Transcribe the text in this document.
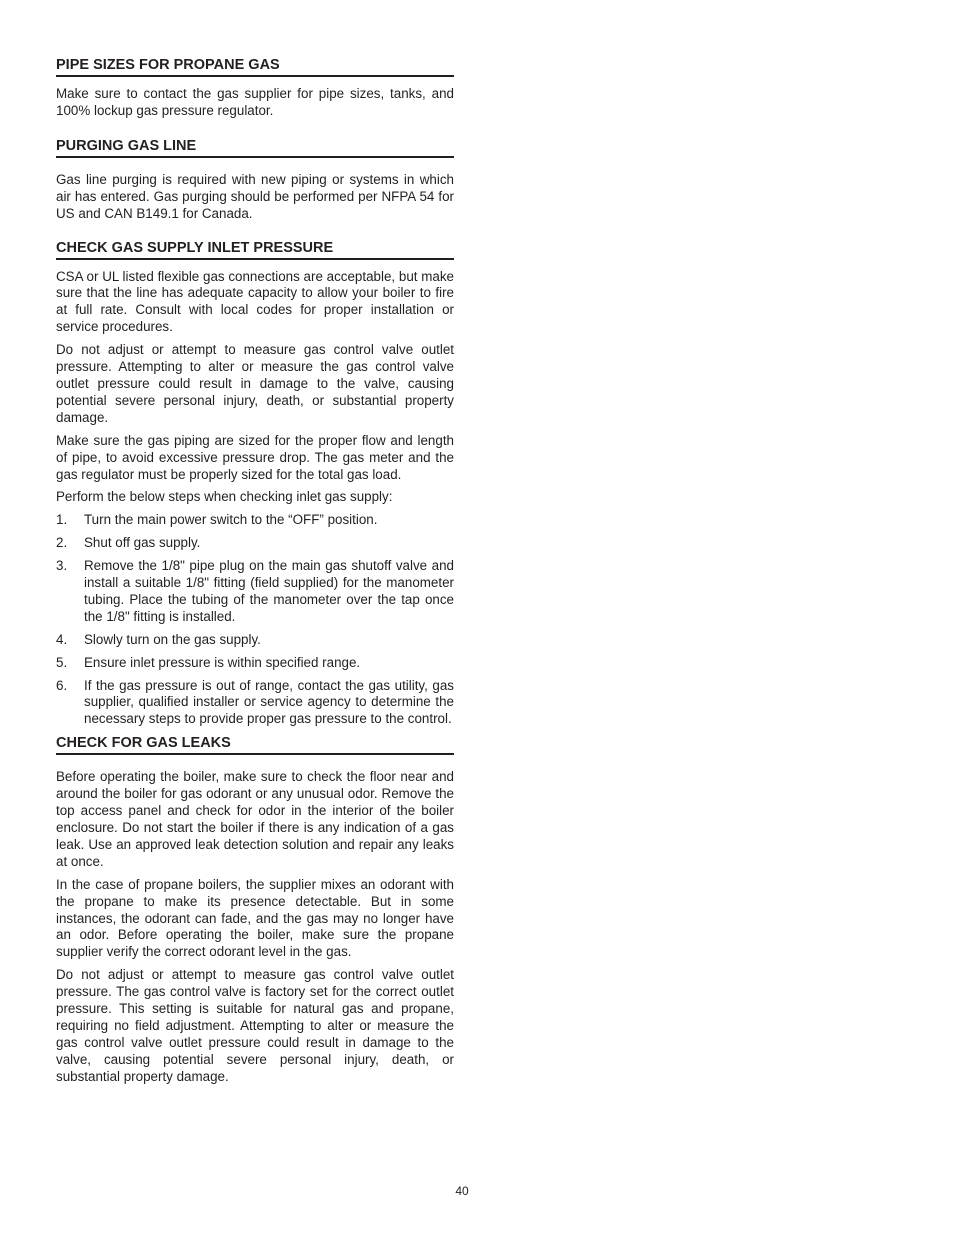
PIPE SIZES FOR PROPANE GAS

Make sure to contact the gas supplier for pipe sizes, tanks, and 100% lockup gas pressure regulator.

PURGING GAS LINE

Gas line purging is required with new piping or systems in which air has entered. Gas purging should be performed per NFPA 54 for US and CAN B149.1 for Canada.

CHECK GAS SUPPLY INLET PRESSURE

CSA or UL listed flexible gas connections are acceptable, but make sure that the line has adequate capacity to allow your boiler to fire at full rate. Consult with local codes for proper installation or service procedures.

Do not adjust or attempt to measure gas control valve outlet pressure. Attempting to alter or measure the gas control valve outlet pressure could result in damage to the valve, causing potential severe personal injury, death, or substantial property damage.

Make sure the gas piping are sized for the proper flow and length of pipe, to avoid excessive pressure drop. The gas meter and the gas regulator must be properly sized for the total gas load.

Perform the below steps when checking inlet gas supply:

1.	Turn the main power switch to the “OFF” position.
2.	Shut off gas supply.
3.	Remove the 1/8" pipe plug on the main gas shutoff valve and install a suitable 1/8" fitting (field supplied) for the manometer tubing. Place the tubing of the manometer over the tap once the 1/8" fitting is installed.
4.	Slowly turn on the gas supply.
5.	Ensure inlet pressure is within specified range.
6.	If the gas pressure is out of range, contact the gas utility, gas supplier, qualified installer or service agency to determine the necessary steps to provide proper gas pressure to the control.
CHECK FOR GAS LEAKS

Before operating the boiler, make sure to check the floor near and around the boiler for gas odorant or any unusual odor. Remove the top access panel and check for odor in the interior of the boiler enclosure. Do not start the boiler if there is any indication of a gas leak. Use an approved leak detection solution and repair any leaks at once.

In the case of propane boilers, the supplier mixes an odorant with the propane to make its presence detectable. But in some instances, the odorant can fade, and the gas may no longer have an odor. Before operating the boiler, make sure the propane supplier verify the correct odorant level in the gas.

Do not adjust or attempt to measure gas control valve outlet pressure. The gas control valve is factory set for the correct outlet pressure. This setting is suitable for natural gas and propane, requiring no field adjustment. Attempting to alter or measure the gas control valve outlet pressure could result in damage to the valve, causing potential severe personal injury, death, or substantial property damage.

40
